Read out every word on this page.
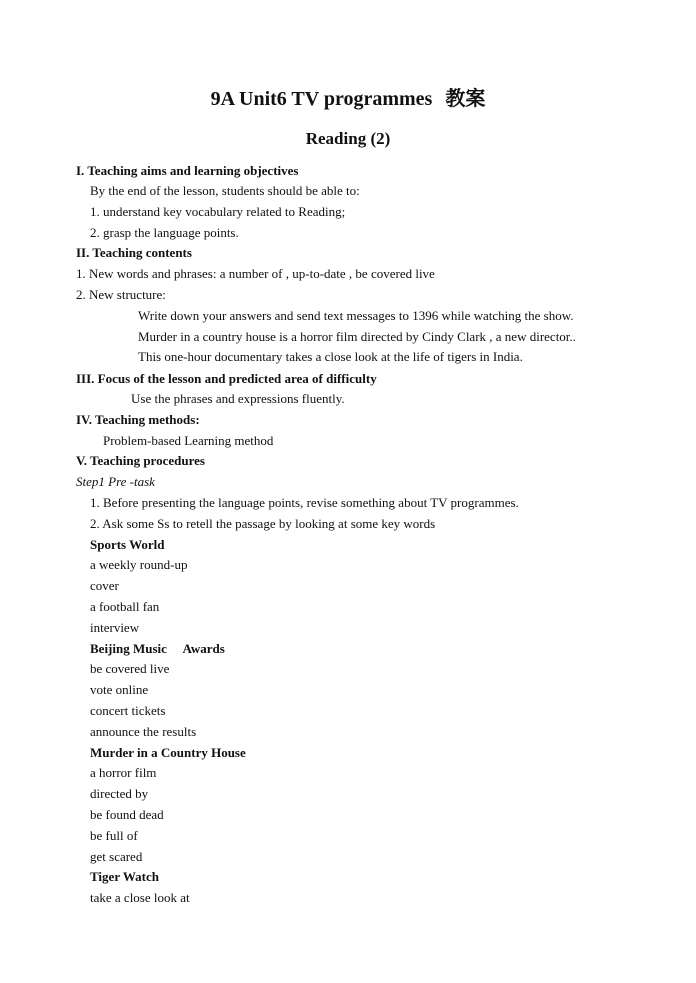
9A Unit6 TV programmes 教案
Reading (2)
I. Teaching aims and learning objectives
By the end of the lesson, students should be able to:
1. understand key vocabulary related to Reading;
2. grasp the language points.
II. Teaching contents
1. New words and phrases: a number of , up-to-date , be covered live
2. New structure:
Write down your answers and send text messages to 1396 while watching the show.
Murder in a country house is a horror film directed by Cindy Clark , a new director..
This one-hour documentary takes a close look at the life of tigers in India.
III. Focus of the lesson and predicted area of difficulty
Use the phrases and expressions fluently.
IV. Teaching methods:
Problem-based Learning method
V. Teaching procedures
Step1 Pre -task
1. Before presenting the language points, revise something about TV programmes.
2. Ask some Ss to retell the passage by looking at some key words
Sports World
a weekly round-up
cover
a football fan
interview
Beijing Music     Awards
be covered live
vote online
concert tickets
announce the results
Murder in a Country House
a horror film
directed by
be found dead
be full of
get scared
Tiger Watch
take a close look at
